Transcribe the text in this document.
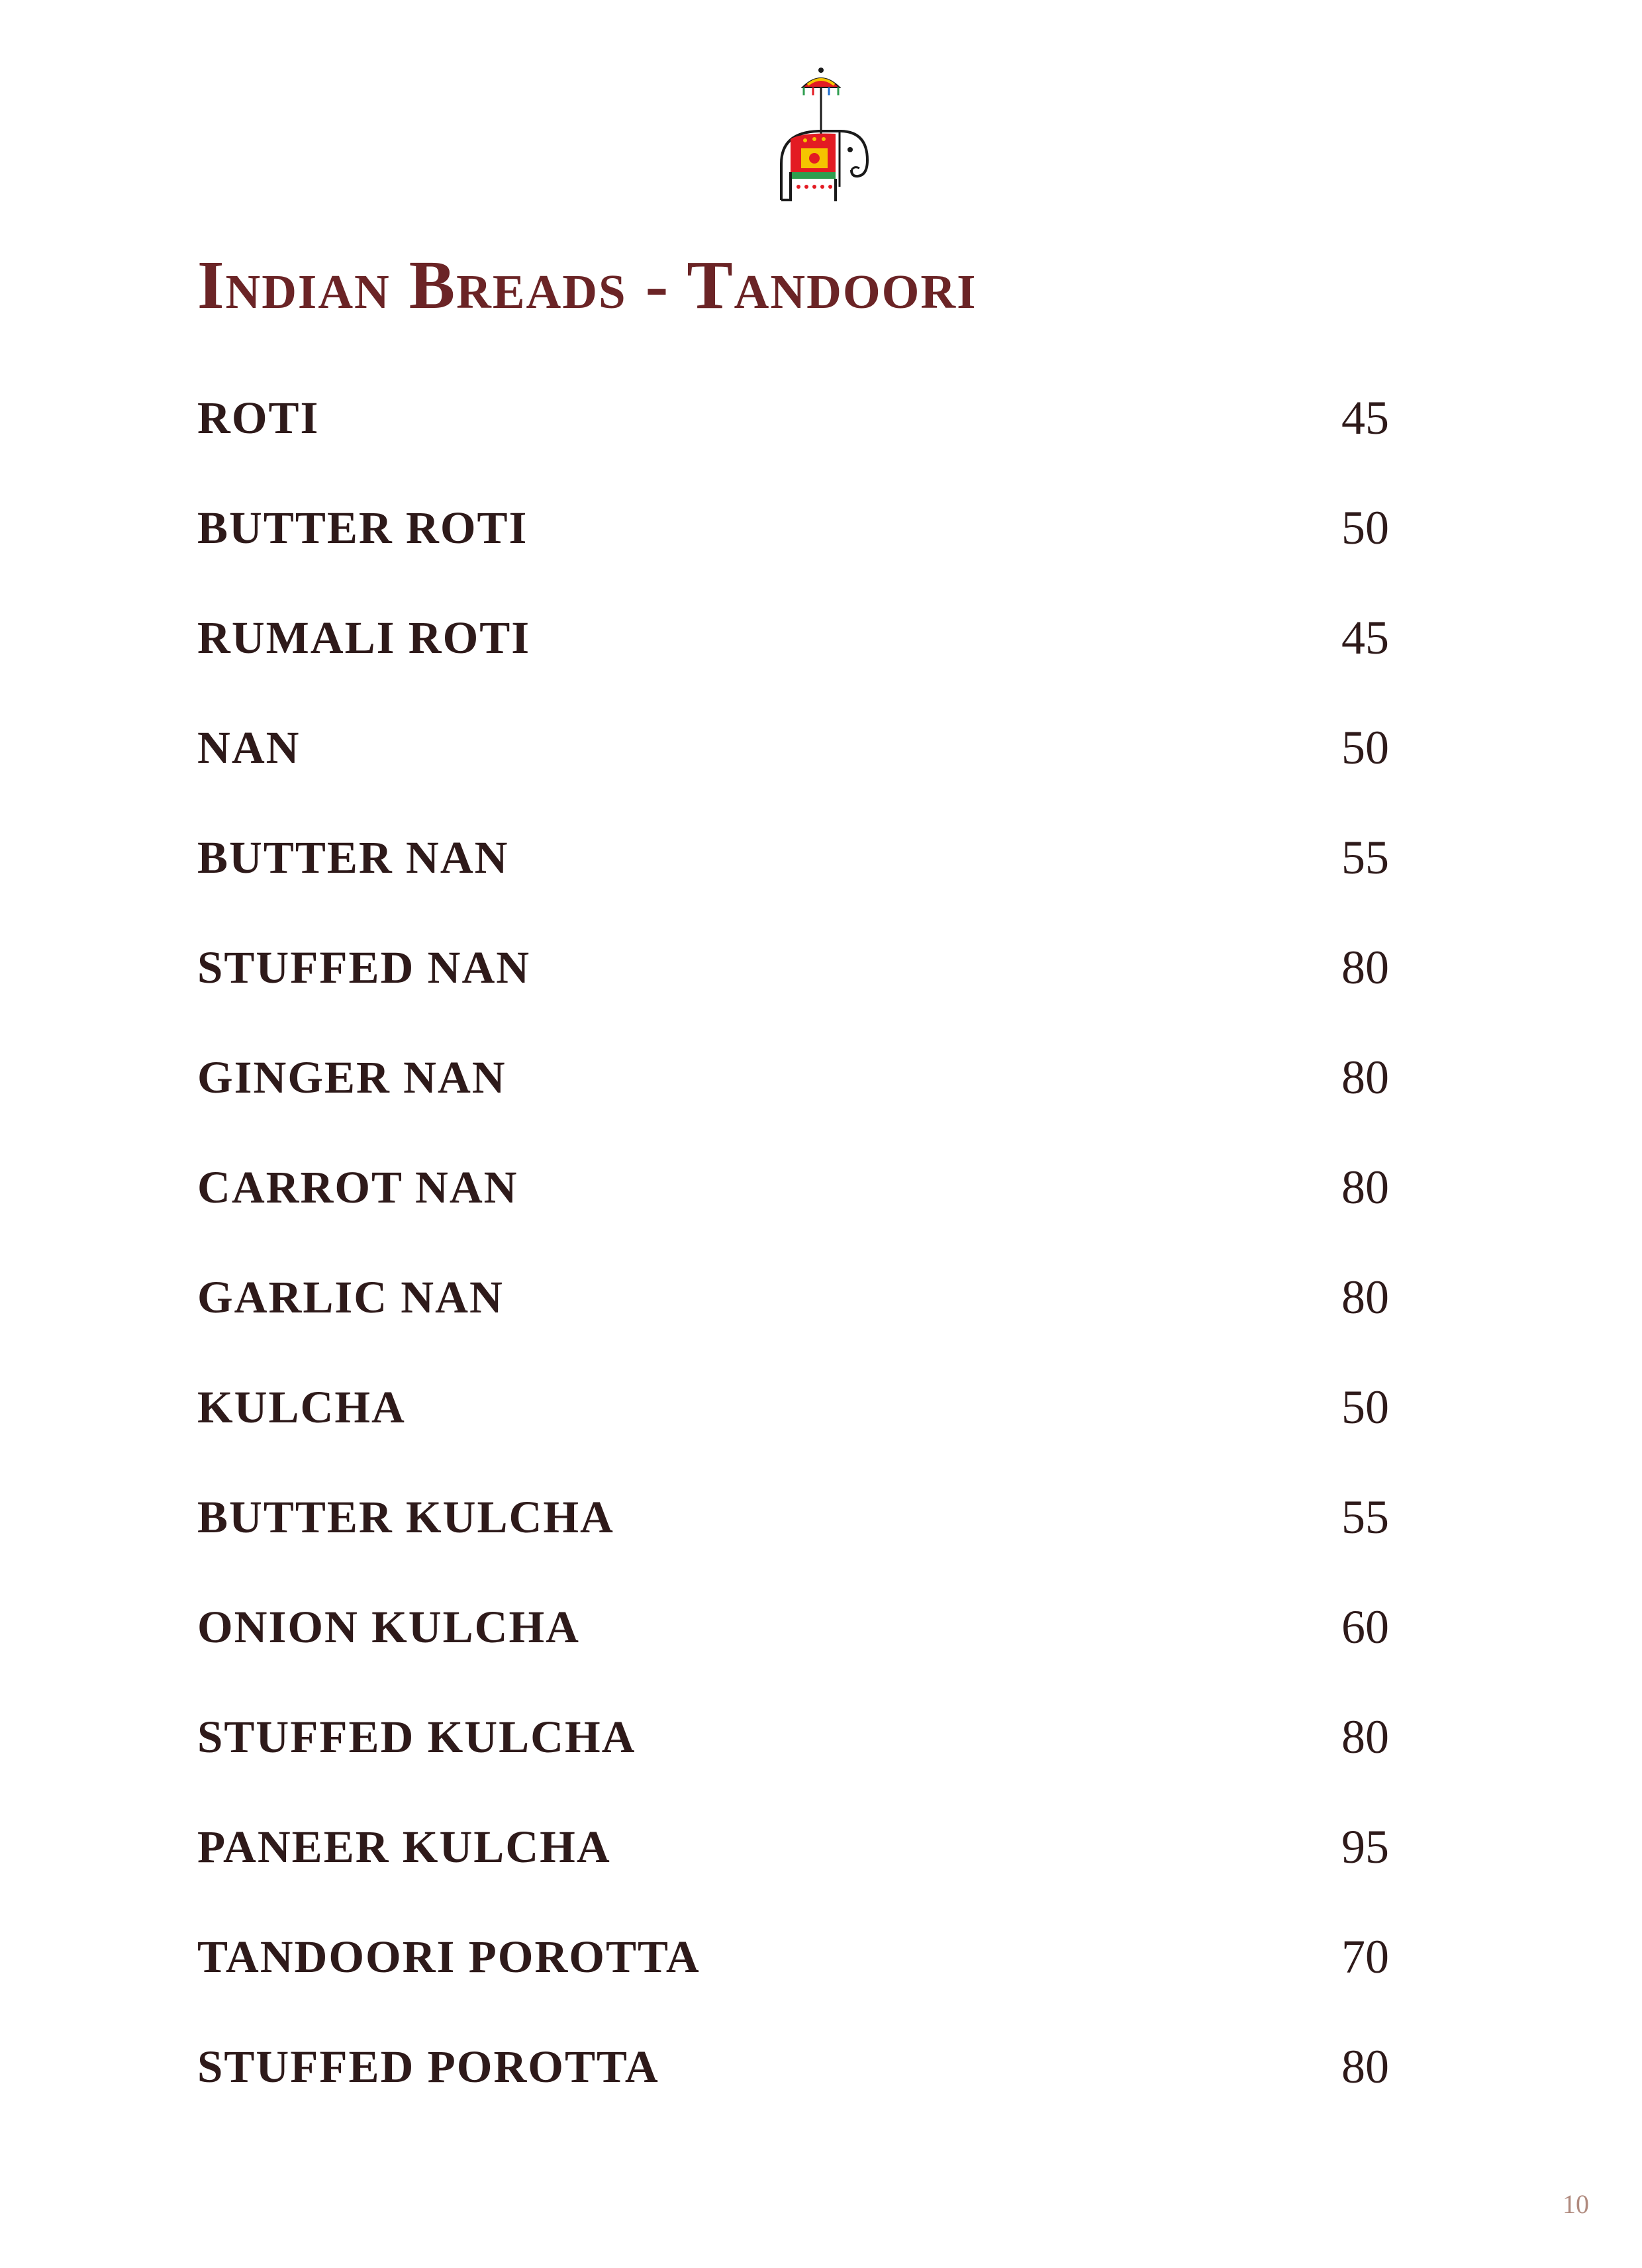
Indian Breads - Tandoori
ROTI	45
BUTTER ROTI	50
RUMALI ROTI	45
NAN	50
BUTTER NAN	55
STUFFED NAN	80
GINGER NAN	80
CARROT NAN	80
GARLIC NAN	80
KULCHA	50
BUTTER KULCHA	55
ONION KULCHA	60
STUFFED KULCHA	80
PANEER KULCHA	95
TANDOORI POROTTA	70
STUFFED POROTTA	80
10
